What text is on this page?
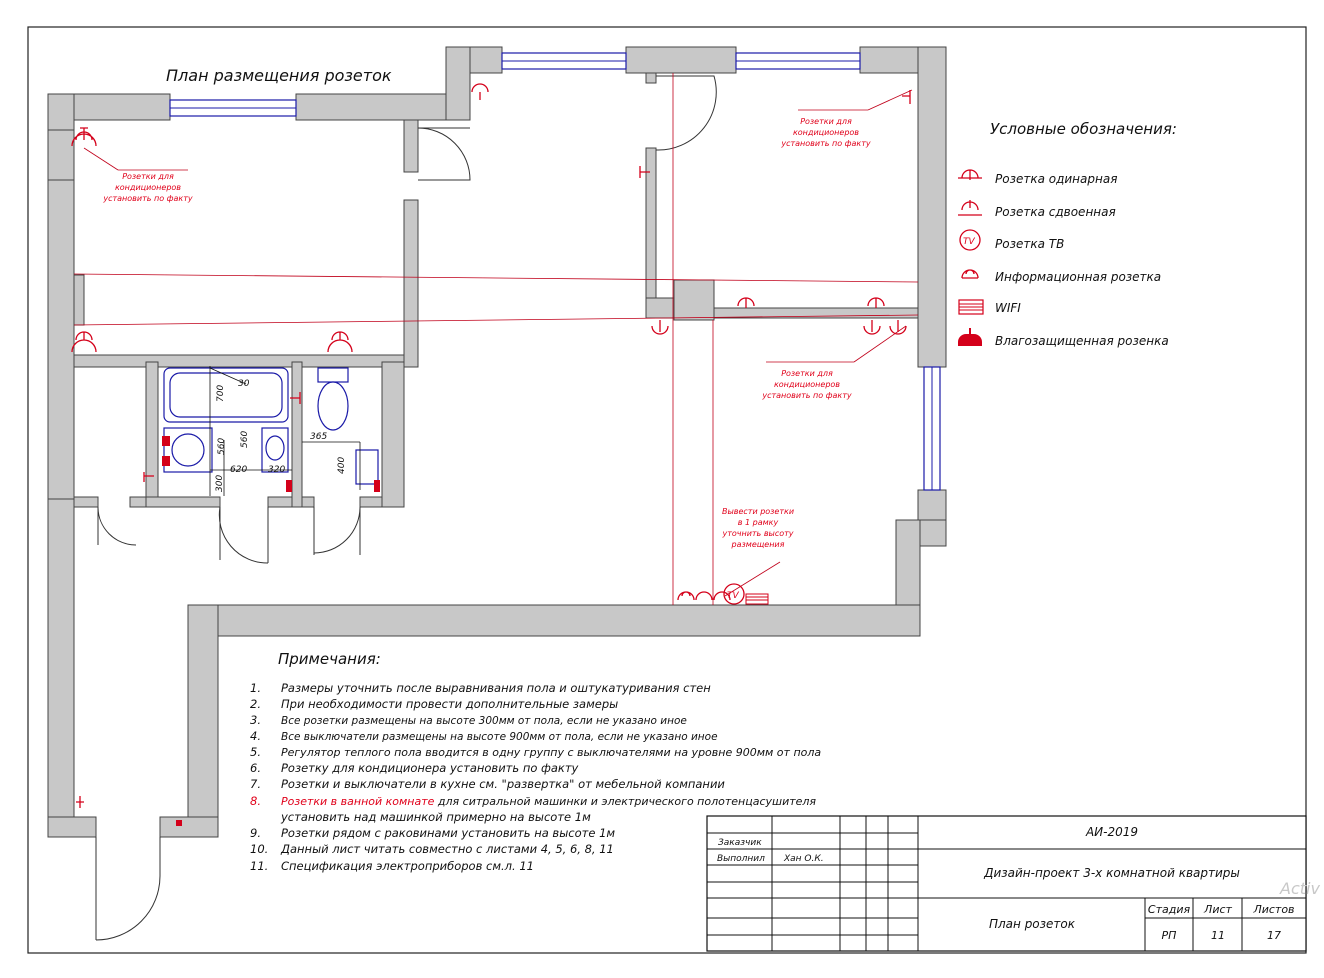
План размещения розеток
30
700
560
620 320
560
300
365
400
TV
Розетки для
кондиционеров
установить по факту
Розетки для
кондиционеров
установить по факту
Розетки для
кондиционеров
установить по факту
Вывести розетки
в 1 рамку
уточнить высоту
размещения
Условные обозначения:
Розетка одинарная
Розетка сдвоенная
TV Розетка ТВ
Информационная розетка
WIFI
Влагозащищенная розенка
Примечания:
1. Размеры уточнить после выравнивания пола и оштукатуривания стен
2. При необходимости провести дополнительные замеры
3. Все розетки размещены на высоте 300мм от пола, если не указано иное
4. Все выключатели размещены на высоте 900мм от пола, если не указано иное
5. Регулятор теплого пола вводится в одну группу с выключателями на уровне 900мм от пола
6. Розетку для кондиционера установить по факту
7. Розетки и выключатели в кухне см. "развертка" от мебельной компании
8. Розетки в ванной комнате для ситральной машинки и электрического полотенцасушителя
установить над машинкой примерно на высоте 1м
9. Розетки рядом с раковинами установить на высоте 1м
10. Данный лист читать совместно с листами 4, 5, 6, 8, 11
11. Спецификация электроприборов см.л. 11
Заказчик
Выполнил Хан О.К.
АИ-2019
Дизайн-проект 3-х комнатной квартиры
План розеток
Стадия Лист Листов
РП	11	17
Activ
